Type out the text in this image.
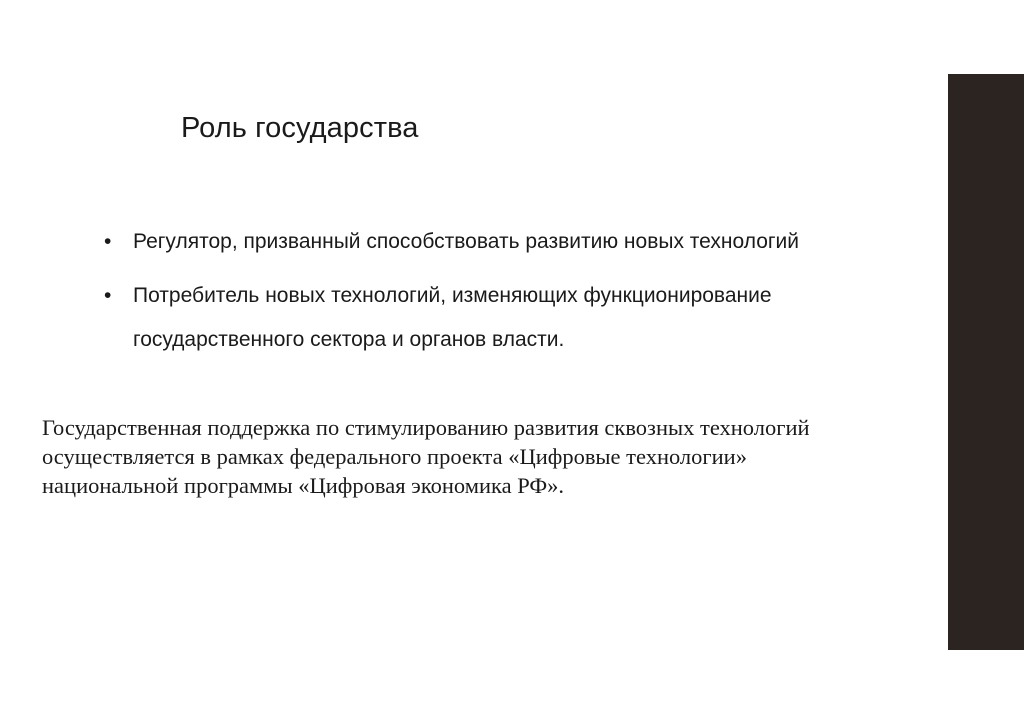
Роль государства
•	Регулятор, призванный способствовать развитию новых технологий
•	Потребитель новых технологий, изменяющих функционирование
государственного сектора и органов власти.
Государственная поддержка по стимулированию развития сквозных технологий
осуществляется в рамках федерального проекта «Цифровые технологии»
национальной программы «Цифровая экономика РФ».
